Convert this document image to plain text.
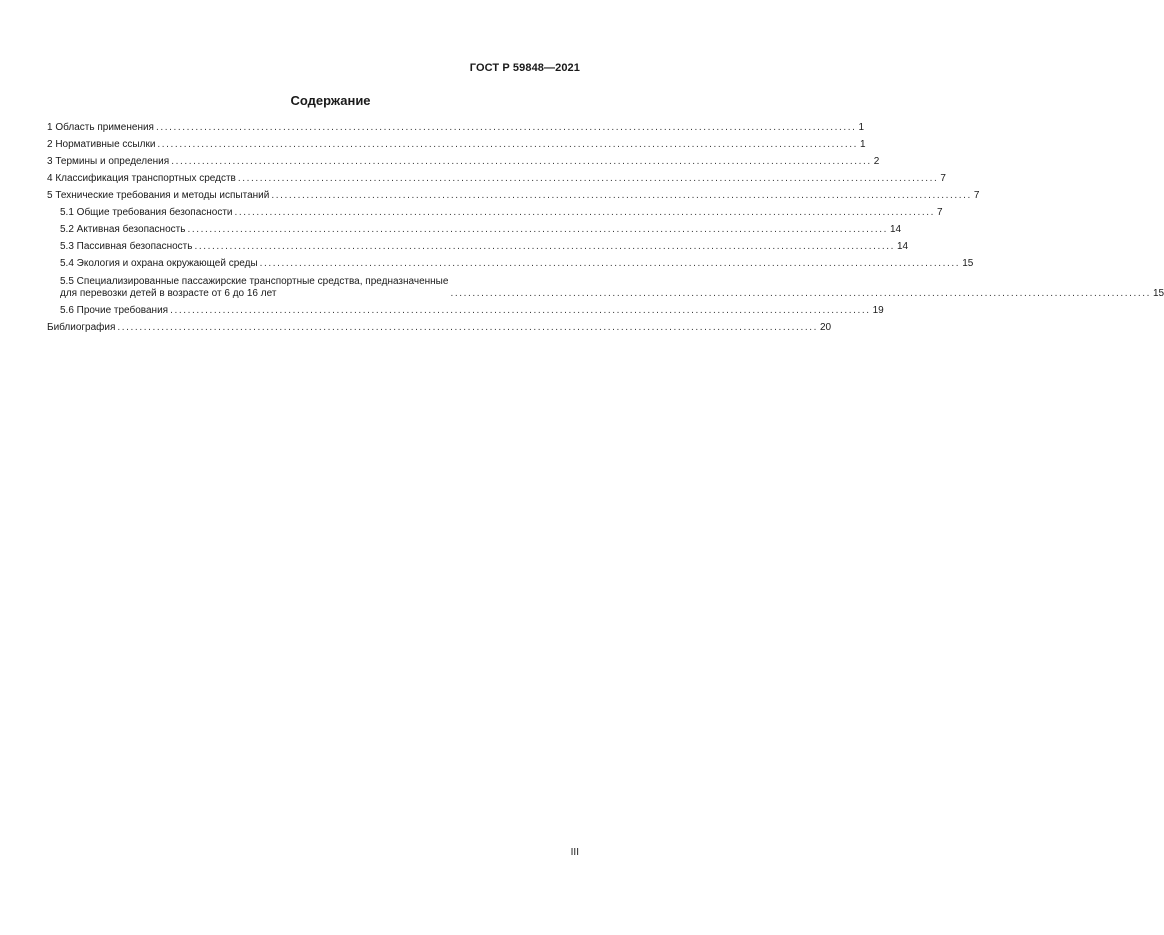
ГОСТ Р 59848—2021
Содержание
1 Область применения ................................................................................................................................................................ 1
2 Нормативные ссылки ................................................................................................................................................................ 1
3 Термины и определения ................................................................................................................................................................ 2
4 Классификация транспортных средств ................................................................................................................................................................ 7
5 Технические требования и методы испытаний ................................................................................................................................................................ 7
5.1 Общие требования безопасности ................................................................................................................................................................ 7
5.2 Активная безопасность ................................................................................................................................................................ 14
5.3 Пассивная безопасность ................................................................................................................................................................ 14
5.4 Экология и охрана окружающей среды ................................................................................................................................................................ 15
5.5 Специализированные пассажирские транспортные средства, предназначенные
для перевозки детей в возрасте от 6 до 16 лет	................................................................................................................................................................ 15
5.6 Прочие требования ................................................................................................................................................................ 19
Библиография ................................................................................................................................................................ 20
III
